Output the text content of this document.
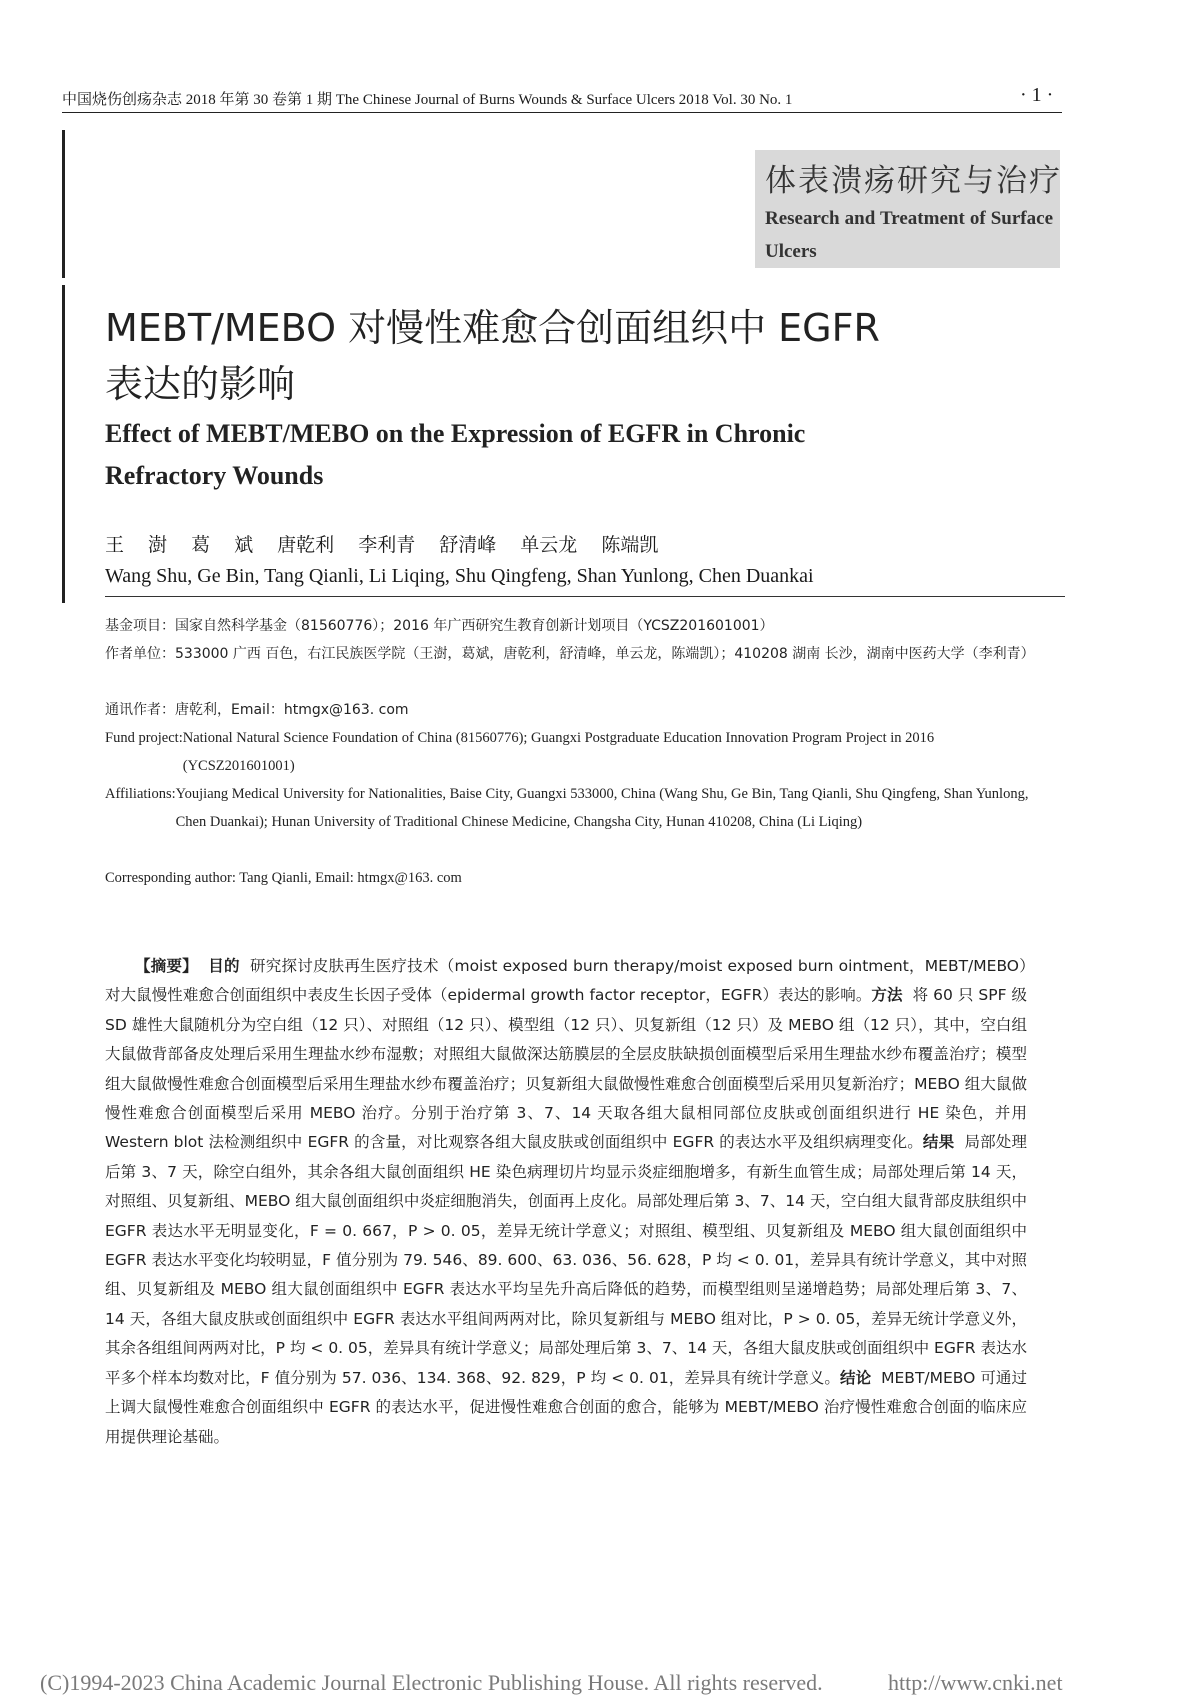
中国烧伤创疡杂志 2018 年第 30 卷第 1 期 The Chinese Journal of Burns Wounds & Surface Ulcers 2018 Vol. 30 No. 1	· 1 ·
体表溃疡研究与治疗
Research and Treatment of Surface Ulcers
MEBT/MEBO 对慢性难愈合创面组织中 EGFR
表达的影响
Effect of MEBT/MEBO on the Expression of EGFR in Chronic
Refractory Wounds
王 澍 葛 斌 唐乾利 李利青 舒清峰 单云龙 陈端凯
Wang Shu, Ge Bin, Tang Qianli, Li Liqing, Shu Qingfeng, Shan Yunlong, Chen Duankai
基金项目：国家自然科学基金（81560776）；2016 年广西研究生教育创新计划项目（YCSZ201601001）
作者单位： 533000 广西 百色，右江民族医学院（王澍，葛斌，唐乾利，舒清峰，单云龙，陈端凯）；410208 湖南 长沙，湖南中医药大学（李利青）
通讯作者：唐乾利，Email：htmgx@163. com
Fund project: National Natural Science Foundation of China (81560776); Guangxi Postgraduate Education Innovation Program Project in 2016 (YCSZ201601001)
Affiliations: Youjiang Medical University for Nationalities, Baise City, Guangxi 533000, China (Wang Shu, Ge Bin, Tang Qianli, Shu Qingfeng, Shan Yunlong, Chen Duankai); Hunan University of Traditional Chinese Medicine, Changsha City, Hunan 410208, China (Li Liqing)
Corresponding author: Tang Qianli, Email: htmgx@163. com
【摘要】 目的 研究探讨皮肤再生医疗技术（moist exposed burn therapy/moist exposed burn ointment，MEBT/MEBO）对大鼠慢性难愈合创面组织中表皮生长因子受体（epidermal growth factor receptor，EGFR）表达的影响。方法 将 60 只 SPF 级 SD 雄性大鼠随机分为空白组（12 只）、对照组（12 只）、模型组（12 只）、贝复新组（12 只）及 MEBO 组（12 只），其中，空白组大鼠做背部备皮处理后采用生理盐水纱布湿敷；对照组大鼠做深达筋膜层的全层皮肤缺损创面模型后采用生理盐水纱布覆盖治疗；模型组大鼠做慢性难愈合创面模型后采用生理盐水纱布覆盖治疗；贝复新组大鼠做慢性难愈合创面模型后采用贝复新治疗；MEBO 组大鼠做慢性难愈合创面模型后采用 MEBO 治疗。分别于治疗第 3、7、14 天取各组大鼠相同部位皮肤或创面组织进行 HE 染色，并用 Western blot 法检测组织中 EGFR 的含量，对比观察各组大鼠皮肤或创面组织中 EGFR 的表达水平及组织病理变化。结果 局部处理后第 3、7 天，除空白组外，其余各组大鼠创面组织 HE 染色病理切片均显示炎症细胞增多，有新生血管生成；局部处理后第 14 天，对照组、贝复新组、MEBO 组大鼠创面组织中炎症细胞消失，创面再上皮化。局部处理后第 3、7、14 天，空白组大鼠背部皮肤组织中 EGFR 表达水平无明显变化，F = 0. 667，P > 0. 05，差异无统计学意义；对照组、模型组、贝复新组及 MEBO 组大鼠创面组织中 EGFR 表达水平变化均较明显，F 值分别为 79. 546、89. 600、63. 036、56. 628，P 均 < 0. 01，差异具有统计学意义，其中对照组、贝复新组及 MEBO 组大鼠创面组织中 EGFR 表达水平均呈先升高后降低的趋势，而模型组则呈递增趋势；局部处理后第 3、7、14 天，各组大鼠皮肤或创面组织中 EGFR 表达水平组间两两对比，除贝复新组与 MEBO 组对比，P > 0. 05，差异无统计学意义外，其余各组组间两两对比，P 均 < 0. 05，差异具有统计学意义；局部处理后第 3、7、14 天，各组大鼠皮肤或创面组织中 EGFR 表达水平多个样本均数对比，F 值分别为 57. 036、134. 368、92. 829，P 均 < 0. 01，差异具有统计学意义。结论 MEBT/MEBO 可通过上调大鼠慢性难愈合创面组织中 EGFR 的表达水平，促进慢性难愈合创面的愈合，能够为 MEBT/MEBO 治疗慢性难愈合创面的临床应用提供理论基础。
(C)1994-2023 China Academic Journal Electronic Publishing House. All rights reserved.	http://www.cnki.net
